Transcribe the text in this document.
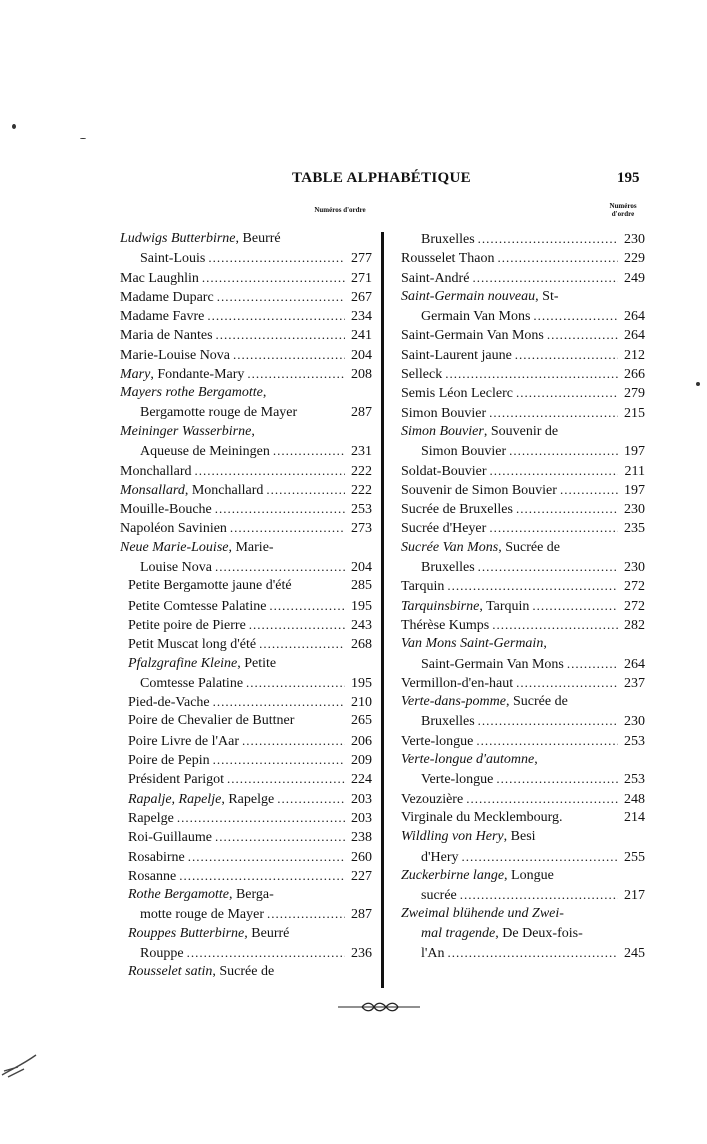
TABLE ALPHABÉTIQUE	195
Numéros d'ordre	Numéros d'ordre
Ludwigs Butterbirne, Beurré
Saint-Louis .....	277
Mac Laughlin .....	271
Madame Duparc .....	267
Madame Favre .....	234
Maria de Nantes .....	241
Marie-Louise Nova .....	204
Mary, Fondante-Mary .....	208
Mayers rothe Bergamotte,
Bergamotte rouge de Mayer	287
Meininger Wasserbirne,
Aqueuse de Meiningen .....	231
Monchallard .....	222
Monsallard, Monchallard .....	222
Mouille-Bouche .....	253
Napoléon Savinien .....	273
Neue Marie-Louise, Marie-
Louise Nova .....	204
Petite Bergamotte jaune d'été	285
Petite Comtesse Palatine .....	195
Petite poire de Pierre .....	243
Petit Muscat long d'été .....	268
Pfalzgrafine Kleine, Petite
Comtesse Palatine .....	195
Pied-de-Vache .....	210
Poire de Chevalier de Buttner	265
Poire Livre de l'Aar .....	206
Poire de Pepin .....	209
Président Parigot .....	224
Rapalje, Rapelje, Rapelge .....	203
Rapelge .....	203
Roi-Guillaume .....	238
Rosabirne .....	260
Rosanne .....	227
Rothe Bergamotte, Berga-
motte rouge de Mayer .....	287
Rouppes Butterbirne, Beurré
Rouppe .....	236
Rousselet satin, Sucrée de
Bruxelles .....	230
Rousselet Thaon .....	229
Saint-André .....	249
Saint-Germain nouveau, St-
Germain Van Mons .....	264
Saint-Germain Van Mons .....	264
Saint-Laurent jaune .....	212
Selleck .....	266
Semis Léon Leclerc .....	279
Simon Bouvier .....	215
Simon Bouvier, Souvenir de
Simon Bouvier .....	197
Soldat-Bouvier .....	211
Souvenir de Simon Bouvier .....	197
Sucrée de Bruxelles .....	230
Sucrée d'Heyer .....	235
Sucrée Van Mons, Sucrée de
Bruxelles .....	230
Tarquin .....	272
Tarquinsbirne, Tarquin .....	272
Thérèse Kumps .....	282
Van Mons Saint-Germain,
Saint-Germain Van Mons .....	264
Vermillon-d'en-haut .....	237
Verte-dans-pomme, Sucrée de
Bruxelles .....	230
Verte-longue .....	253
Verte-longue d'automne,
Verte-longue .....	253
Vezouzière .....	248
Virginale du Mecklembourg.	214
Wildling von Hery, Besi
d'Hery .....	255
Zuckerbirne lange, Longue
sucrée .....	217
Zweimal blühende und Zwei-
mal tragende, De Deux-fois-
l'An .....	245
